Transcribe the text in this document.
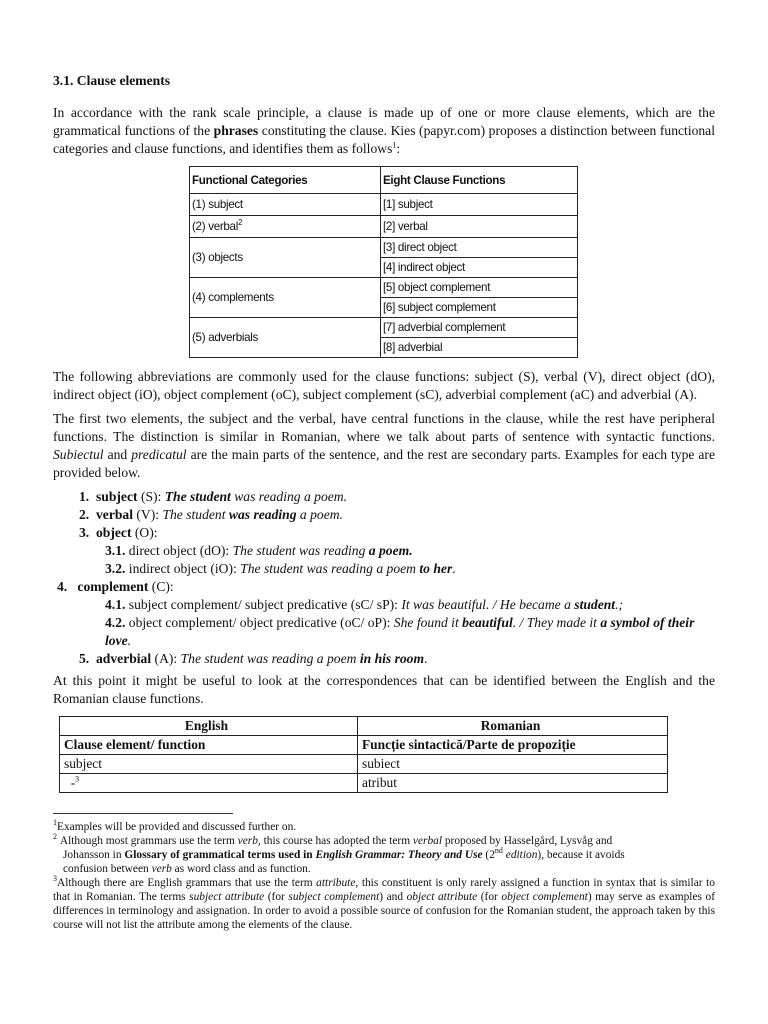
3.1. Clause elements

In accordance with the rank scale principle, a clause is made up of one or more clause elements, which are the grammatical functions of the phrases constituting the clause. Kies (papyr.com) proposes a distinction between functional categories and clause functions, and identifies them as follows$^1$:

Functional Categories	Eight Clause Functions
(1) subject	[1] subject
(2) verbal$^2$	[2] verbal
(3) objects	[3] direct object
	[4] indirect object
(4) complements	[5] object complement
	[6] subject complement
(5) adverbials	[7] adverbial complement
	[8] adverbial

The following abbreviations are commonly used for the clause functions: subject (S), verbal (V), direct object (dO), indirect object (iO), object complement (oC), subject complement (sC), adverbial complement (aC) and adverbial (A).

The first two elements, the subject and the verbal, have central functions in the clause, while the rest have peripheral functions. The distinction is similar in Romanian, where we talk about parts of sentence with syntactic functions. Subiectul and predicatul are the main parts of the sentence, and the rest are secondary parts. Examples for each type are provided below.

1. subject (S): The student was reading a poem.
2. verbal (V): The student was reading a poem.
3. object (O):
3.1. direct object (dO): The student was reading a poem.
3.2. indirect object (iO): The student was reading a poem to her.
4. complement (C):
4.1. subject complement/ subject predicative (sC/ sP): It was beautiful. / He became a student.;
4.2. object complement/ object predicative (oC/ oP): She found it beautiful. / They made it a symbol of their love.
5. adverbial (A): The student was reading a poem in his room.

At this point it might be useful to look at the correspondences that can be identified between the English and the Romanian clause functions.

English	Romanian
Clause element/ function	Funcție sintactică/Parte de propoziție
subject	subiect
-$^3$	atribut
$^1$Examples will be provided and discussed further on.
$^2$ Although most grammars use the term verb, this course has adopted the term verbal proposed by Hasselgård, Lysvåg and
Johansson in Glossary of grammatical terms used in English Grammar: Theory and Use (2nd edition), because it avoids
confusion between verb as word class and as function.
$^3$Although there are English grammars that use the term attribute, this constituent is only rarely assigned a function in syntax that is similar to that in Romanian. The terms subject attribute (for subject complement) and object attribute (for object complement) may serve as examples of differences in terminology and assignation. In order to avoid a possible source of confusion for the Romanian student, the approach taken by this course will not list the attribute among the elements of the clause.
